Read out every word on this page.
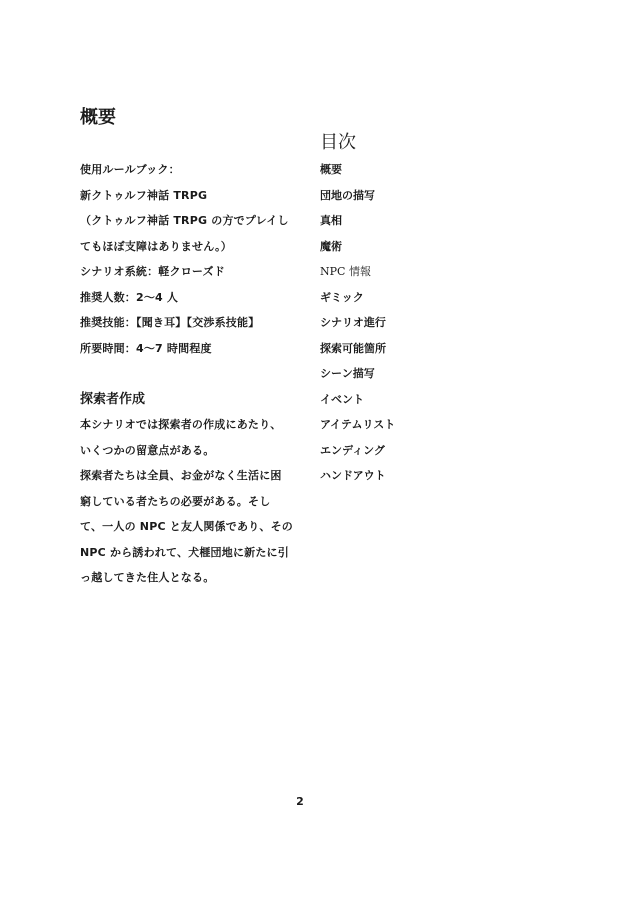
概要
使用ルールブック：
新クトゥルフ神話 TRPG
（クトゥルフ神話 TRPG の方でプレイし
てもほぼ支障はありません。）
シナリオ系統：軽クローズド
推奨人数：2〜4 人
推奨技能：【聞き耳】【交渉系技能】
所要時間：4〜7 時間程度
探索者作成
本シナリオでは探索者の作成にあたり、
いくつかの留意点がある。
探索者たちは全員、お金がなく生活に困
窮している者たちの必要がある。そし
て、一人の NPC と友人関係であり、その
NPC から誘われて、犬榧団地に新たに引
っ越してきた住人となる。
目次
概要
団地の描写
真相
魔術
NPC 情報
ギミック
シナリオ進行
探索可能箇所
シーン描写
イベント
アイテムリスト
エンディング
ハンドアウト
2
